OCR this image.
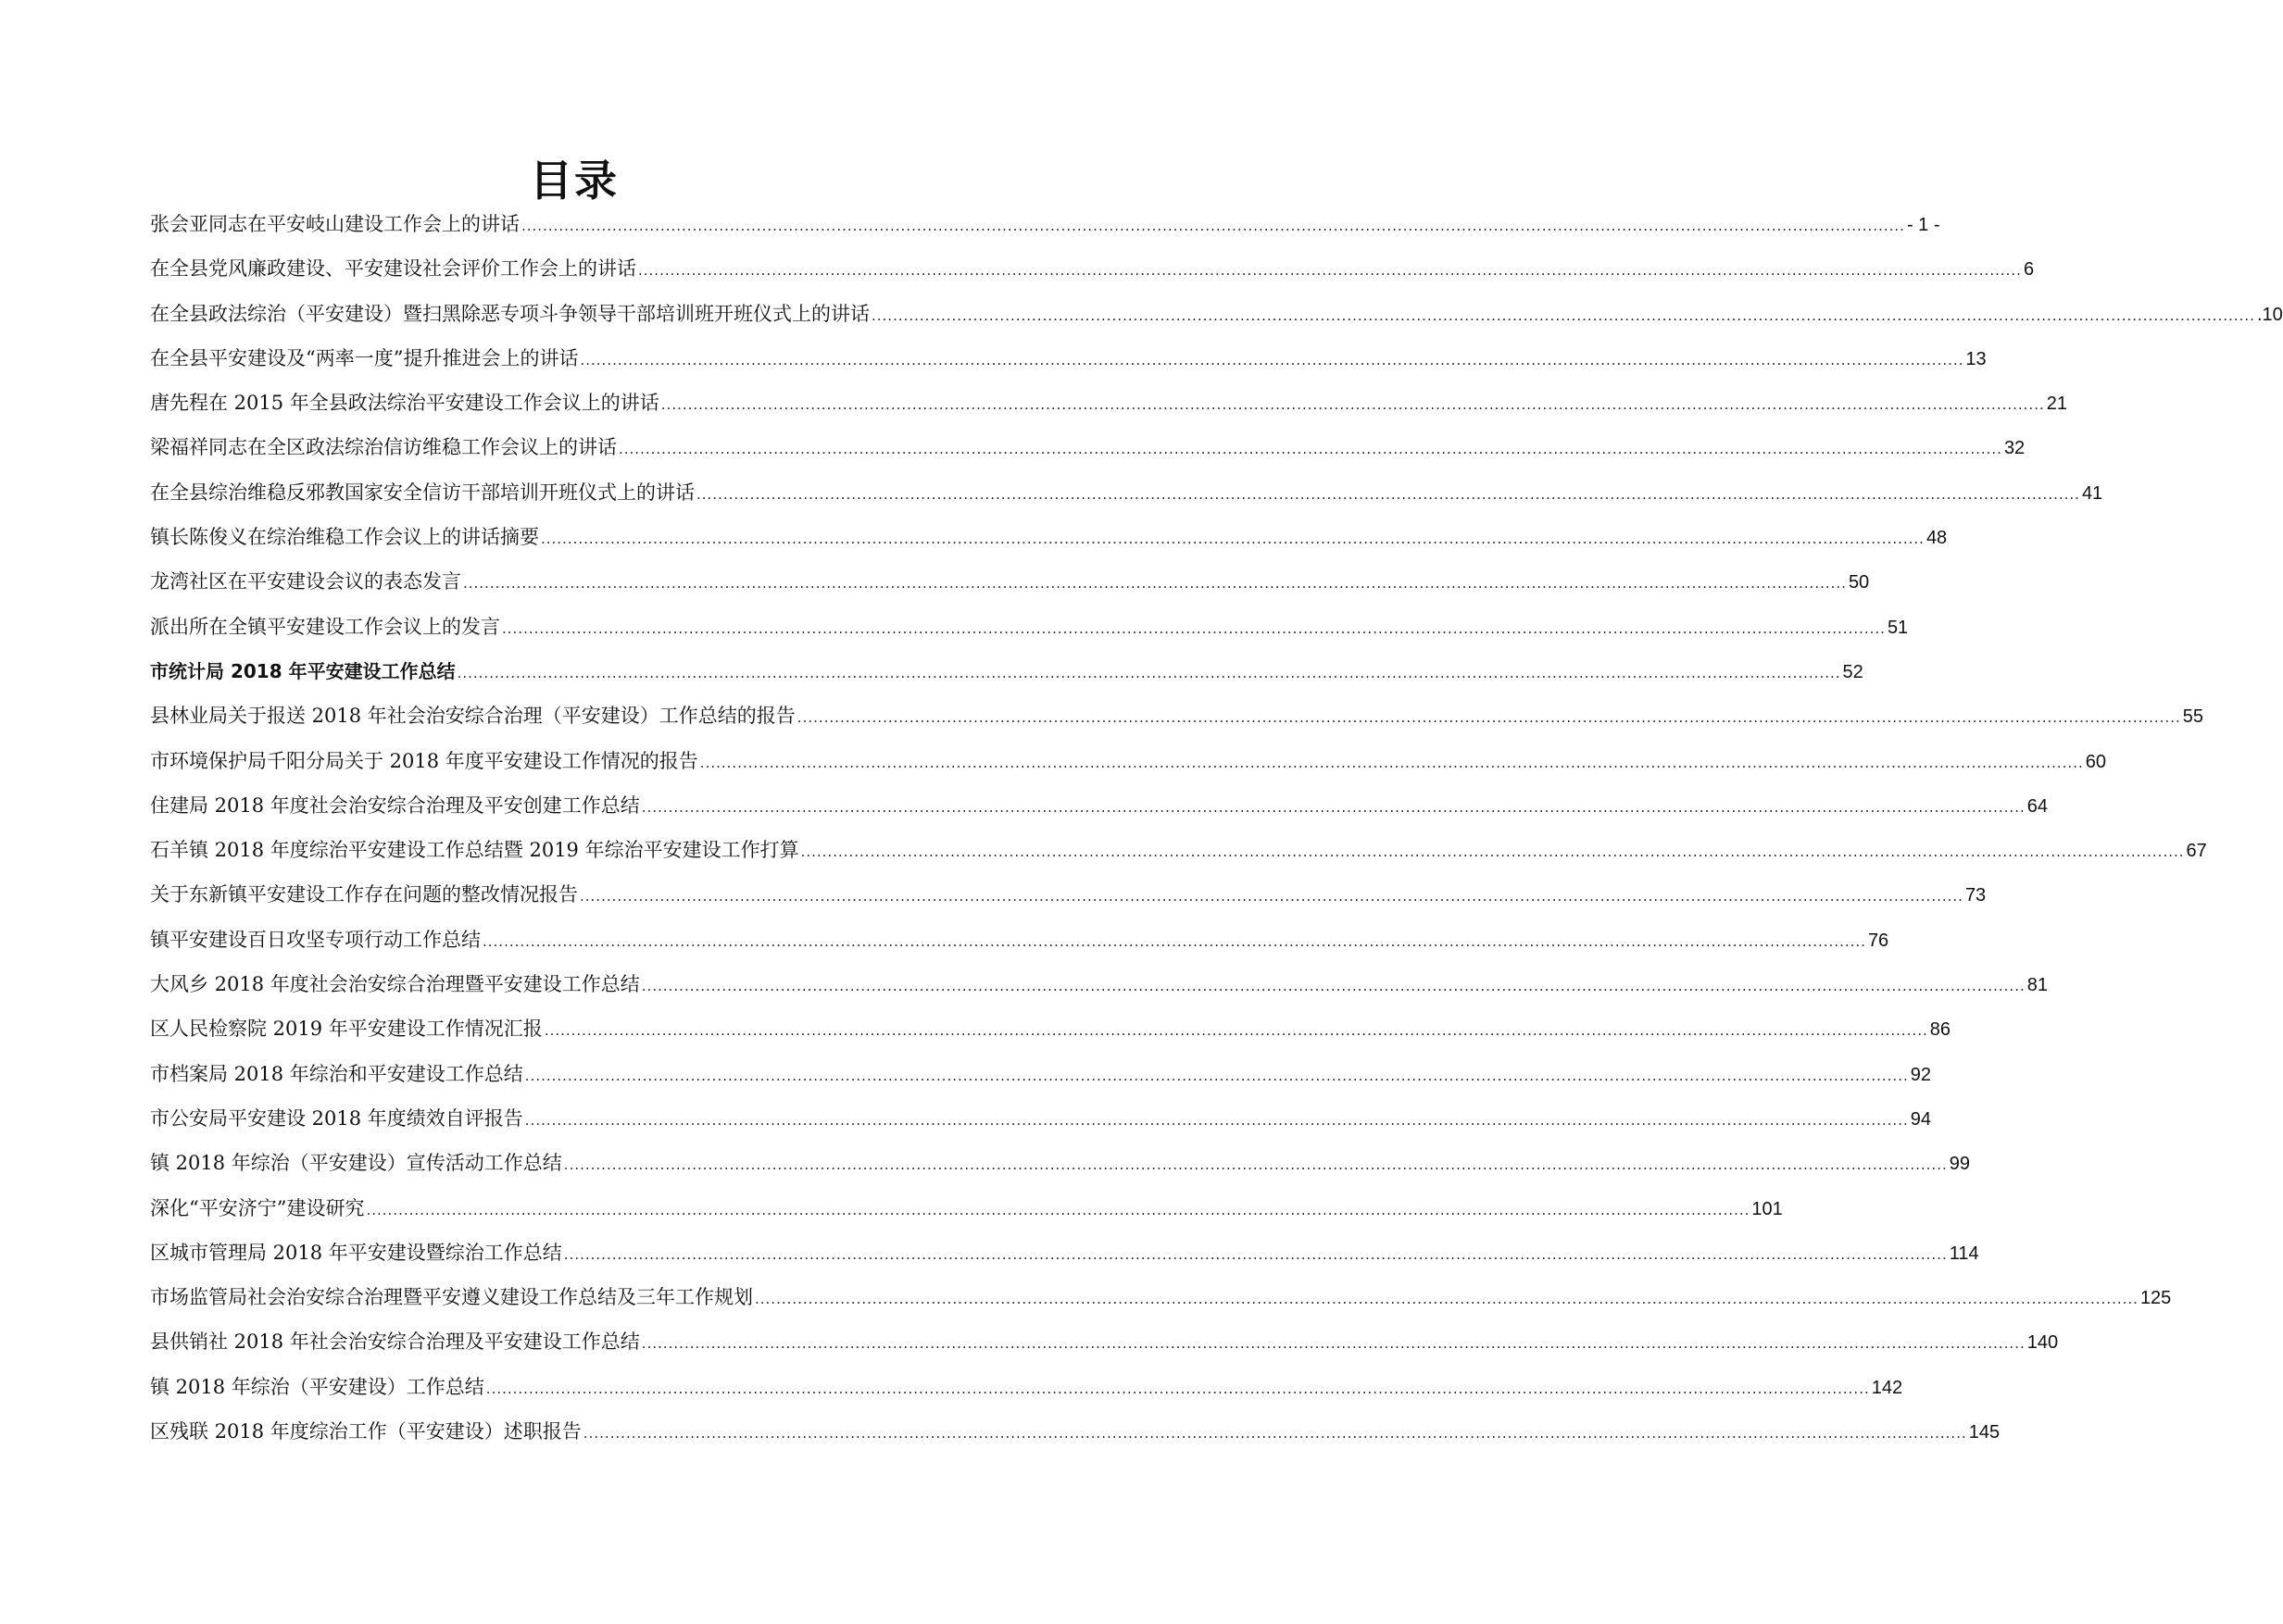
目录
张会亚同志在平安岐山建设工作会上的讲话 .....	- 1 -
在全县党风廉政建设、平安建设社会评价工作会上的讲话 .....	6
在全县政法综治（平安建设）暨扫黑除恶专项斗争领导干部培训班开班仪式上的讲话 .....	.10
在全县平安建设及“两率一度”提升推进会上的讲话 .....	13
唐先程在 2015 年全县政法综治平安建设工作会议上的讲话 .....	21
梁福祥同志在全区政法综治信访维稳工作会议上的讲话 .....	32
在全县综治维稳反邪教国家安全信访干部培训开班仪式上的讲话 .....	41
镇长陈俊义在综治维稳工作会议上的讲话摘要 .....	48
龙湾社区在平安建设会议的表态发言 .....	50
派出所在全镇平安建设工作会议上的发言 .....	51
市统计局 2018 年平安建设工作总结 .....	52
县林业局关于报送 2018 年社会治安综合治理（平安建设）工作总结的报告 .....	55
市环境保护局千阳分局关于 2018 年度平安建设工作情况的报告 .....	60
住建局 2018 年度社会治安综合治理及平安创建工作总结 .....	64
石羊镇 2018 年度综治平安建设工作总结暨 2019 年综治平安建设工作打算 .....	67
关于东新镇平安建设工作存在问题的整改情况报告 .....	73
镇平安建设百日攻坚专项行动工作总结 .....	76
大风乡 2018 年度社会治安综合治理暨平安建设工作总结 .....	81
区人民检察院 2019 年平安建设工作情况汇报 .....	86
市档案局 2018 年综治和平安建设工作总结 .....	92
市公安局平安建设 2018 年度绩效自评报告 .....	94
镇 2018 年综治（平安建设）宣传活动工作总结 .....	99
深化“平安济宁”建设研究 .....	101
区城市管理局 2018 年平安建设暨综治工作总结 .....	114
市场监管局社会治安综合治理暨平安遵义建设工作总结及三年工作规划 .....	125
县供销社 2018 年社会治安综合治理及平安建设工作总结 .....	140
镇 2018 年综治（平安建设）工作总结 .....	142
区残联 2018 年度综治工作（平安建设）述职报告 .....	145
